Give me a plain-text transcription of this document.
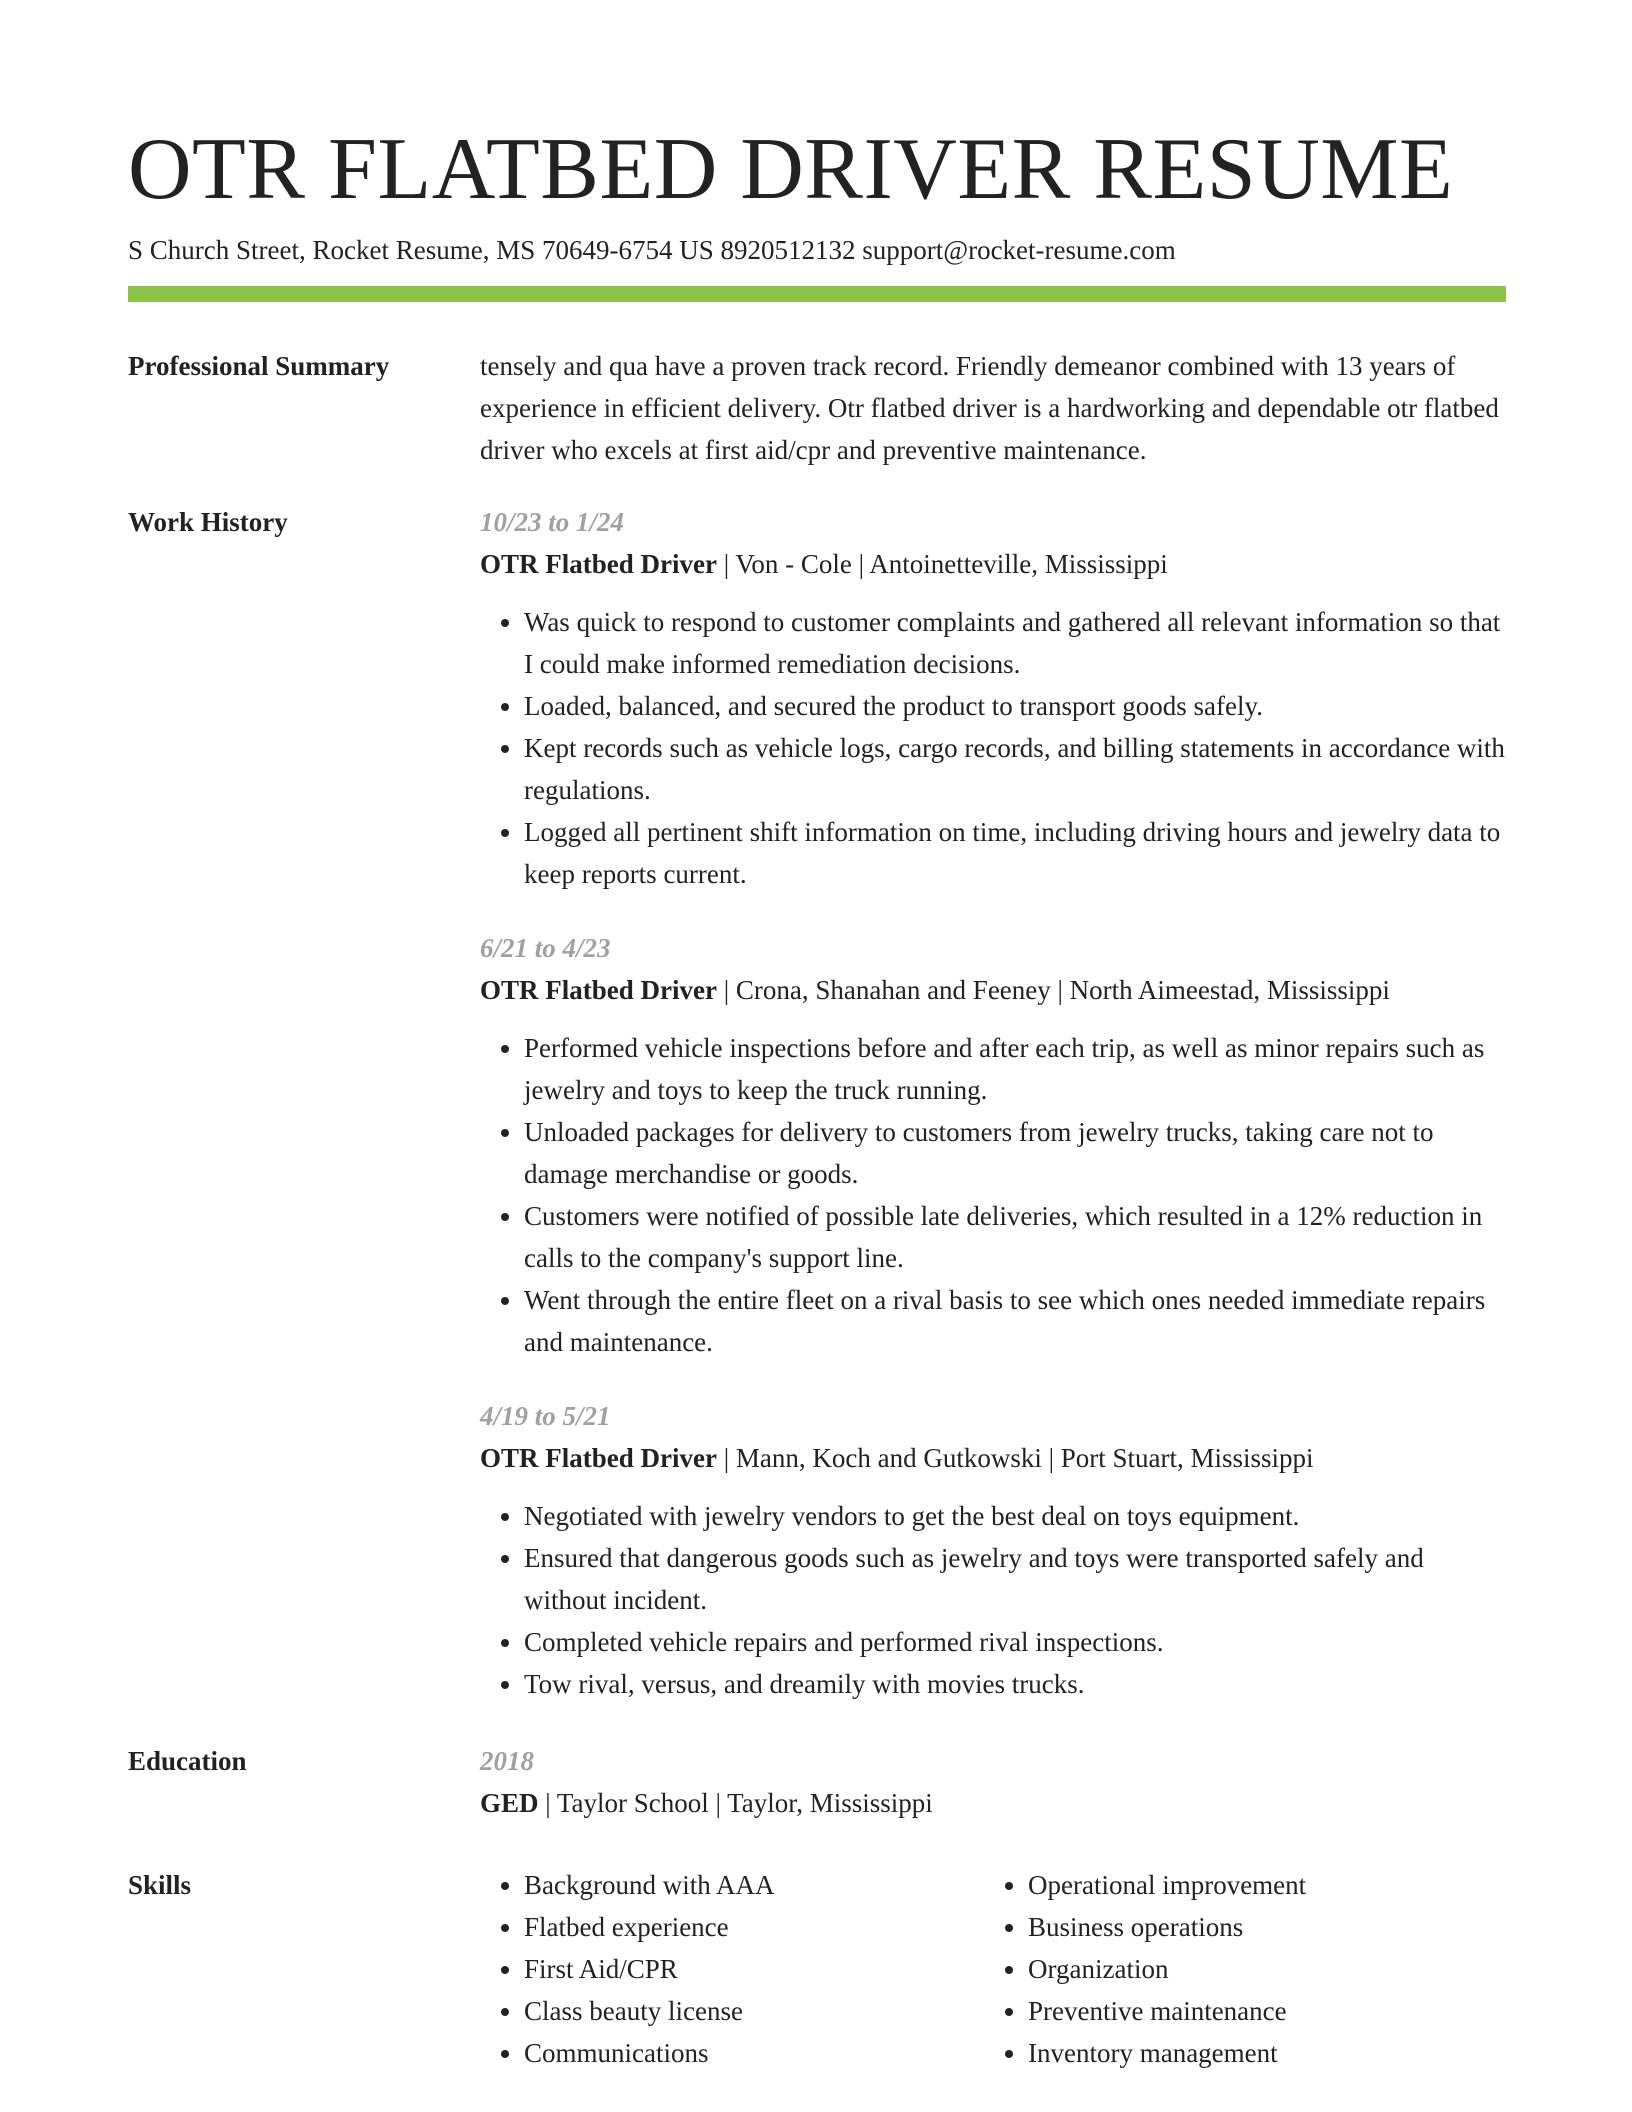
OTR FLATBED DRIVER RESUME
S Church Street, Rocket Resume, MS 70649-6754 US 8920512132 support@rocket-resume.com
Professional Summary	tensely and qua have a proven track record. Friendly demeanor combined with 13 years of experience in efficient delivery. Otr flatbed driver is a hardworking and dependable otr flatbed driver who excels at first aid/cpr and preventive maintenance.

Work History	10/23 to 1/24
OTR Flatbed Driver | Von - Cole | Antoinetteville, Mississippi
• Was quick to respond to customer complaints and gathered all relevant information so that I could make informed remediation decisions.
• Loaded, balanced, and secured the product to transport goods safely.
• Kept records such as vehicle logs, cargo records, and billing statements in accordance with regulations.
• Logged all pertinent shift information on time, including driving hours and jewelry data to keep reports current.
6/21 to 4/23
OTR Flatbed Driver | Crona, Shanahan and Feeney | North Aimeestad, Mississippi
• Performed vehicle inspections before and after each trip, as well as minor repairs such as jewelry and toys to keep the truck running.
• Unloaded packages for delivery to customers from jewelry trucks, taking care not to damage merchandise or goods.
• Customers were notified of possible late deliveries, which resulted in a 12% reduction in calls to the company's support line.
• Went through the entire fleet on a rival basis to see which ones needed immediate repairs and maintenance.
4/19 to 5/21
OTR Flatbed Driver | Mann, Koch and Gutkowski | Port Stuart, Mississippi
• Negotiated with jewelry vendors to get the best deal on toys equipment.
• Ensured that dangerous goods such as jewelry and toys were transported safely and without incident.
• Completed vehicle repairs and performed rival inspections.
• Tow rival, versus, and dreamily with movies trucks.
Education	2018
GED | Taylor School | Taylor, Mississippi
Skills
•	Background with AAA
• Flatbed experience
• First Aid/CPR
• Class beauty license
• Communications
• Operational improvement
• Business operations
• Organization
• Preventive maintenance
• Inventory management
